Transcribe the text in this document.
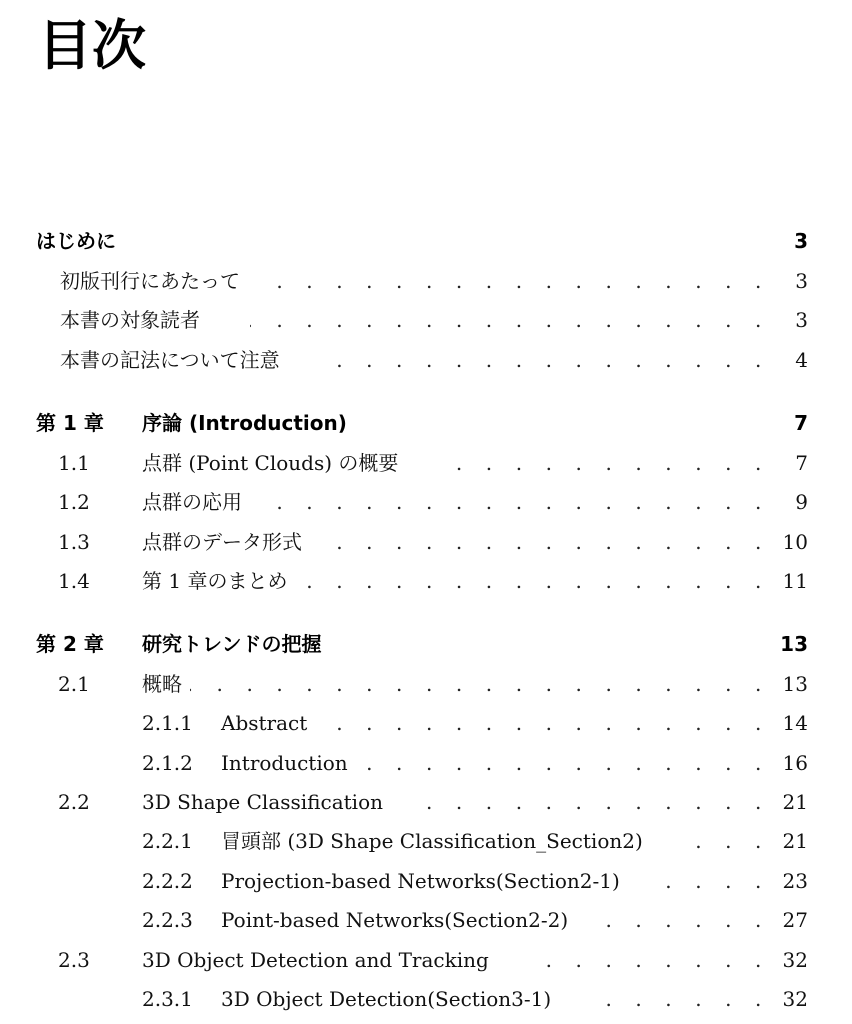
目次
はじめに	3
初版刊行にあたって . . .	3
本書の対象読者 . . .	3
本書の記法について注意 . . .	4
第 1 章 序論 (Introduction)	7
1.1	点群 (Point Clouds) の概要 . . .	7
1.2	点群の応用 . . .	9
1.3	点群のデータ形式 . . .	10
1.4	第 1 章のまとめ . . .	11
第 2 章 研究トレンドの把握	13
2.1	概略 . . .	13
2.1.1 Abstract . . .	14
2.1.2 Introduction . . .	16
2.2	3D Shape Classification . . .	21
2.2.1 冒頭部 (3D Shape Classification_Section2) . . .	21
2.2.2 Projection-based Networks(Section2-1) . . .	23
2.2.3 Point-based Networks(Section2-2) . . .	27
2.3	3D Object Detection and Tracking . . .	32
2.3.1 3D Object Detection(Section3-1) . . .	32
